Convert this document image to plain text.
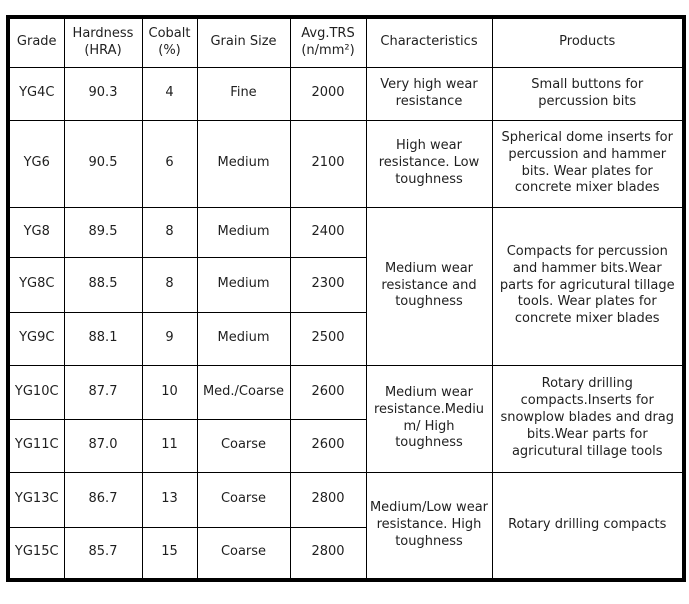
Grade	Hardness (HRA)	Cobalt (%)	Grain Size	Avg.TRS (n/mm²)	Characteristics	Products
YG4C	90.3	4	Fine	2000	Very high wear resistance	Small buttons for percussion bits
YG6	90.5	6	Medium	2100	High wear resistance. Low toughness	Spherical dome inserts for percussion and hammer bits. Wear plates for concrete mixer blades
YG8	89.5	8	Medium	2400	Medium wear resistance and toughness	Compacts for percussion and hammer bits.Wear parts for agricutural tillage tools. Wear plates for concrete mixer blades
YG8C	88.5	8	Medium	2300		
YG9C	88.1	9	Medium	2500		
YG10C	87.7	10	Med./Coarse	2600	Medium wear resistance.Medium/ High toughness	Rotary drilling compacts.Inserts for snowplow blades and drag bits.Wear parts for agricutural tillage tools
YG11C	87.0	11	Coarse	2600		
YG13C	86.7	13	Coarse	2800	Medium/Low wear resistance. High toughness	Rotary drilling compacts
YG15C	85.7	15	Coarse	2800		
